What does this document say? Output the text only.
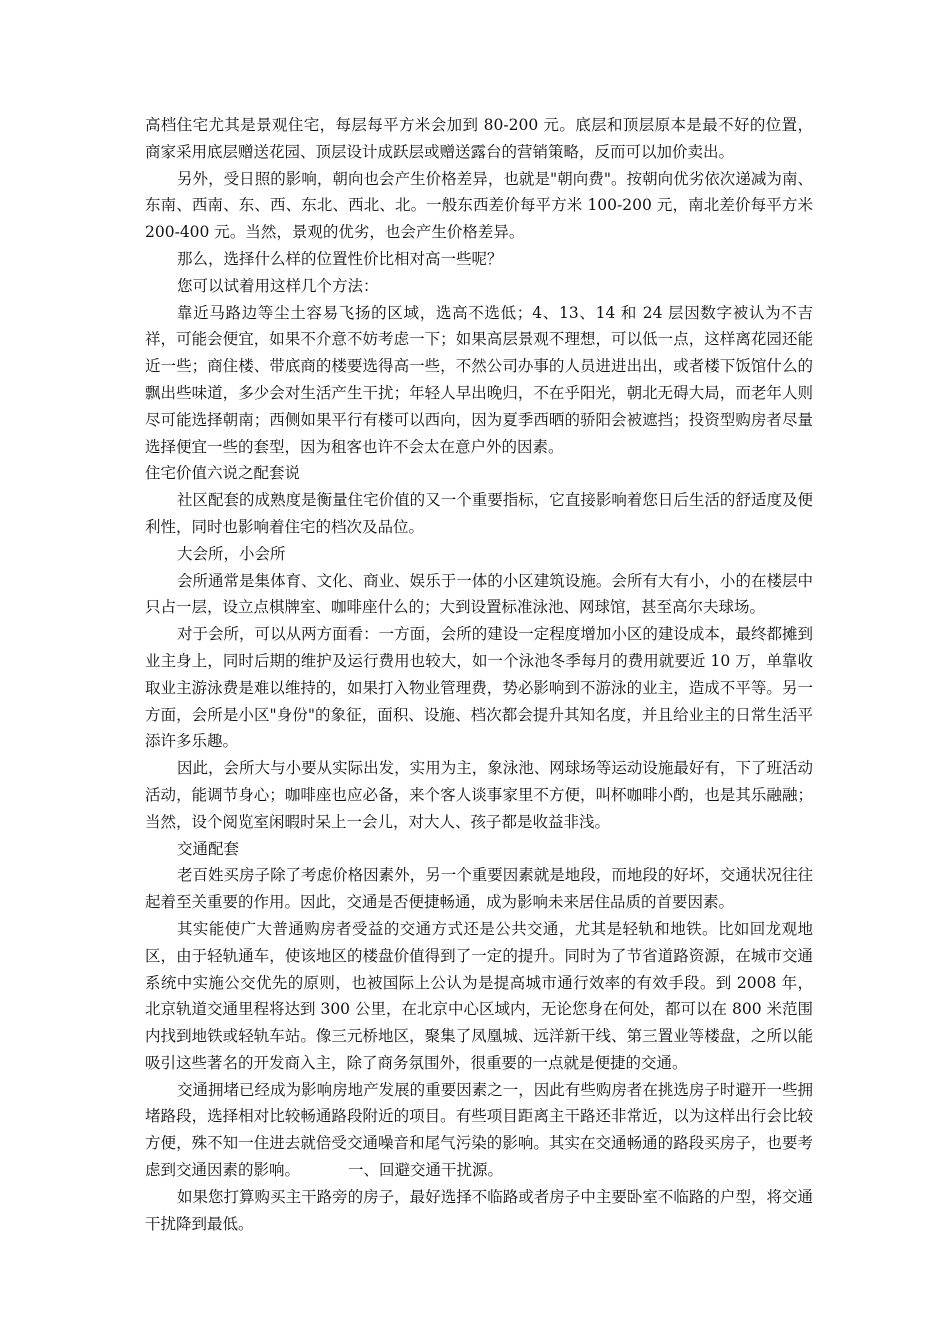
高档住宅尤其是景观住宅，每层每平方米会加到 80-200 元。底层和顶层原本是最不好的位置，商家采用底层赠送花园、顶层设计成跃层或赠送露台的营销策略，反而可以加价卖出。

另外，受日照的影响，朝向也会产生价格差异，也就是"朝向费"。按朝向优劣依次递减为南、东南、西南、东、西、东北、西北、北。一般东西差价每平方米 100-200 元，南北差价每平方米 200-400 元。当然，景观的优劣，也会产生价格差异。

那么，选择什么样的位置性价比相对高一些呢？

您可以试着用这样几个方法：

靠近马路边等尘土容易飞扬的区域，选高不选低；4、13、14 和 24 层因数字被认为不吉祥，可能会便宜，如果不介意不妨考虑一下；如果高层景观不理想，可以低一点，这样离花园还能近一些；商住楼、带底商的楼要选得高一些，不然公司办事的人员进进出出，或者楼下饭馆什么的飘出些味道，多少会对生活产生干扰；年轻人早出晚归，不在乎阳光，朝北无碍大局，而老年人则尽可能选择朝南；西侧如果平行有楼可以西向，因为夏季西晒的骄阳会被遮挡；投资型购房者尽量选择便宜一些的套型，因为租客也许不会太在意户外的因素。

住宅价值六说之配套说

社区配套的成熟度是衡量住宅价值的又一个重要指标，它直接影响着您日后生活的舒适度及便利性，同时也影响着住宅的档次及品位。

大会所，小会所

会所通常是集体育、文化、商业、娱乐于一体的小区建筑设施。会所有大有小，小的在楼层中只占一层，设立点棋牌室、咖啡座什么的；大到设置标准泳池、网球馆，甚至高尔夫球场。

对于会所，可以从两方面看：一方面，会所的建设一定程度增加小区的建设成本，最终都摊到业主身上，同时后期的维护及运行费用也较大，如一个泳池冬季每月的费用就要近 10 万，单靠收取业主游泳费是难以维持的，如果打入物业管理费，势必影响到不游泳的业主，造成不平等。另一方面，会所是小区"身份"的象征，面积、设施、档次都会提升其知名度，并且给业主的日常生活平添许多乐趣。

因此，会所大与小要从实际出发，实用为主，象泳池、网球场等运动设施最好有，下了班活动活动，能调节身心；咖啡座也应必备，来个客人谈事家里不方便，叫杯咖啡小酌，也是其乐融融；当然，设个阅览室闲暇时呆上一会儿，对大人、孩子都是收益非浅。

交通配套

老百姓买房子除了考虑价格因素外，另一个重要因素就是地段，而地段的好坏，交通状况往往起着至关重要的作用。因此，交通是否便捷畅通，成为影响未来居住品质的首要因素。

其实能使广大普通购房者受益的交通方式还是公共交通，尤其是轻轨和地铁。比如回龙观地区，由于轻轨通车，使该地区的楼盘价值得到了一定的提升。同时为了节省道路资源，在城市交通系统中实施公交优先的原则，也被国际上公认为是提高城市通行效率的有效手段。到 2008 年，北京轨道交通里程将达到 300 公里，在北京中心区域内，无论您身在何处，都可以在 800 米范围内找到地铁或轻轨车站。像三元桥地区，聚集了凤凰城、远洋新干线、第三置业等楼盘，之所以能吸引这些著名的开发商入主，除了商务氛围外，很重要的一点就是便捷的交通。

交通拥堵已经成为影响房地产发展的重要因素之一，因此有些购房者在挑选房子时避开一些拥堵路段，选择相对比较畅通路段附近的项目。有些项目距离主干路还非常近，以为这样出行会比较方便，殊不知一住进去就倍受交通噪音和尾气污染的影响。其实在交通畅通的路段买房子，也要考虑到交通因素的影响。	一、回避交通干扰源。

如果您打算购买主干路旁的房子，最好选择不临路或者房子中主要卧室不临路的户型，将交通干扰降到最低。
